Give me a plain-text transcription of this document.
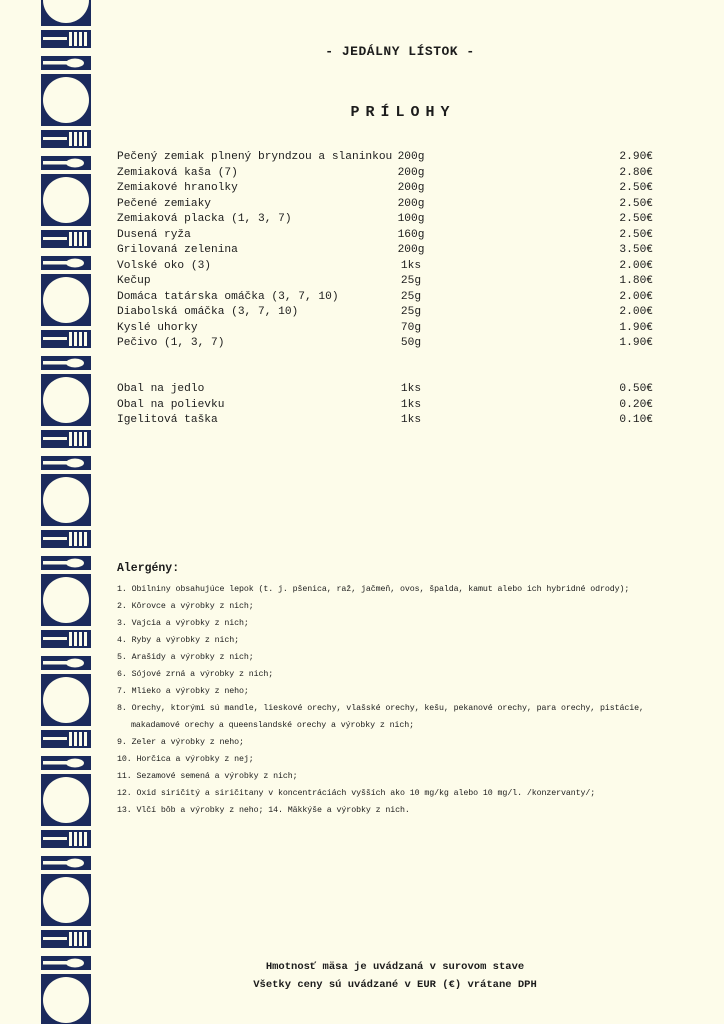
- JEDÁLNY LÍSTOK -
PRÍLOHY
Pečený zemiak plnený bryndzou a slaninkou 200g	2.90€
Zemiaková kaša (7)	200g	2.80€
Zemiakové hranolky	200g	2.50€
Pečené zemiaky	200g	2.50€
Zemiaková placka (1, 3, 7)	100g	2.50€
Dusená ryža	160g	2.50€
Grilovaná zelenina	200g	3.50€
Volské oko (3)	1ks	2.00€
Kečup	25g	1.80€
Domáca tatárska omáčka (3, 7, 10)	25g	2.00€
Diabolská omáčka (3, 7, 10)	25g	2.00€
Kyslé uhorky	70g	1.90€
Pečivo (1, 3, 7)	50g	1.90€
Obal na jedlo	1ks	0.50€
Obal na polievku	1ks	0.20€
Igelitová taška	1ks	0.10€
Alergény:
1. Obilniny obsahujúce lepok (t. j. pšenica, raž, jačmeň, ovos, špalda, kamut alebo ich hybridné odrody);
2. Kôrovce a výrobky z nich;
3. Vajcia a výrobky z nich;
4. Ryby a výrobky z nich;
5. Arašidy a výrobky z nich;
6. Sójové zrná a výrobky z nich;
7. Mlieko a výrobky z neho;
8. Orechy, ktorými sú mandle, lieskové orechy, vlašské orechy, kešu, pekanové orechy, para orechy, pistácie,
makadamové orechy a queenslandské orechy a výrobky z nich;
9. Zeler a výrobky z neho;
10. Horčica a výrobky z nej;
11. Sezamové semená a výrobky z nich;
12. Oxid siričitý a siričitany v koncentráciách vyšších ako 10 mg/kg alebo 10 mg/l. /konzervanty/;
13. Vlčí bôb a výrobky z neho; 14. Mäkkýše a výrobky z nich.
Hmotnosť mäsa je uvádzaná v surovom stave
Všetky ceny sú uvádzané v EUR (€) vrátane DPH
